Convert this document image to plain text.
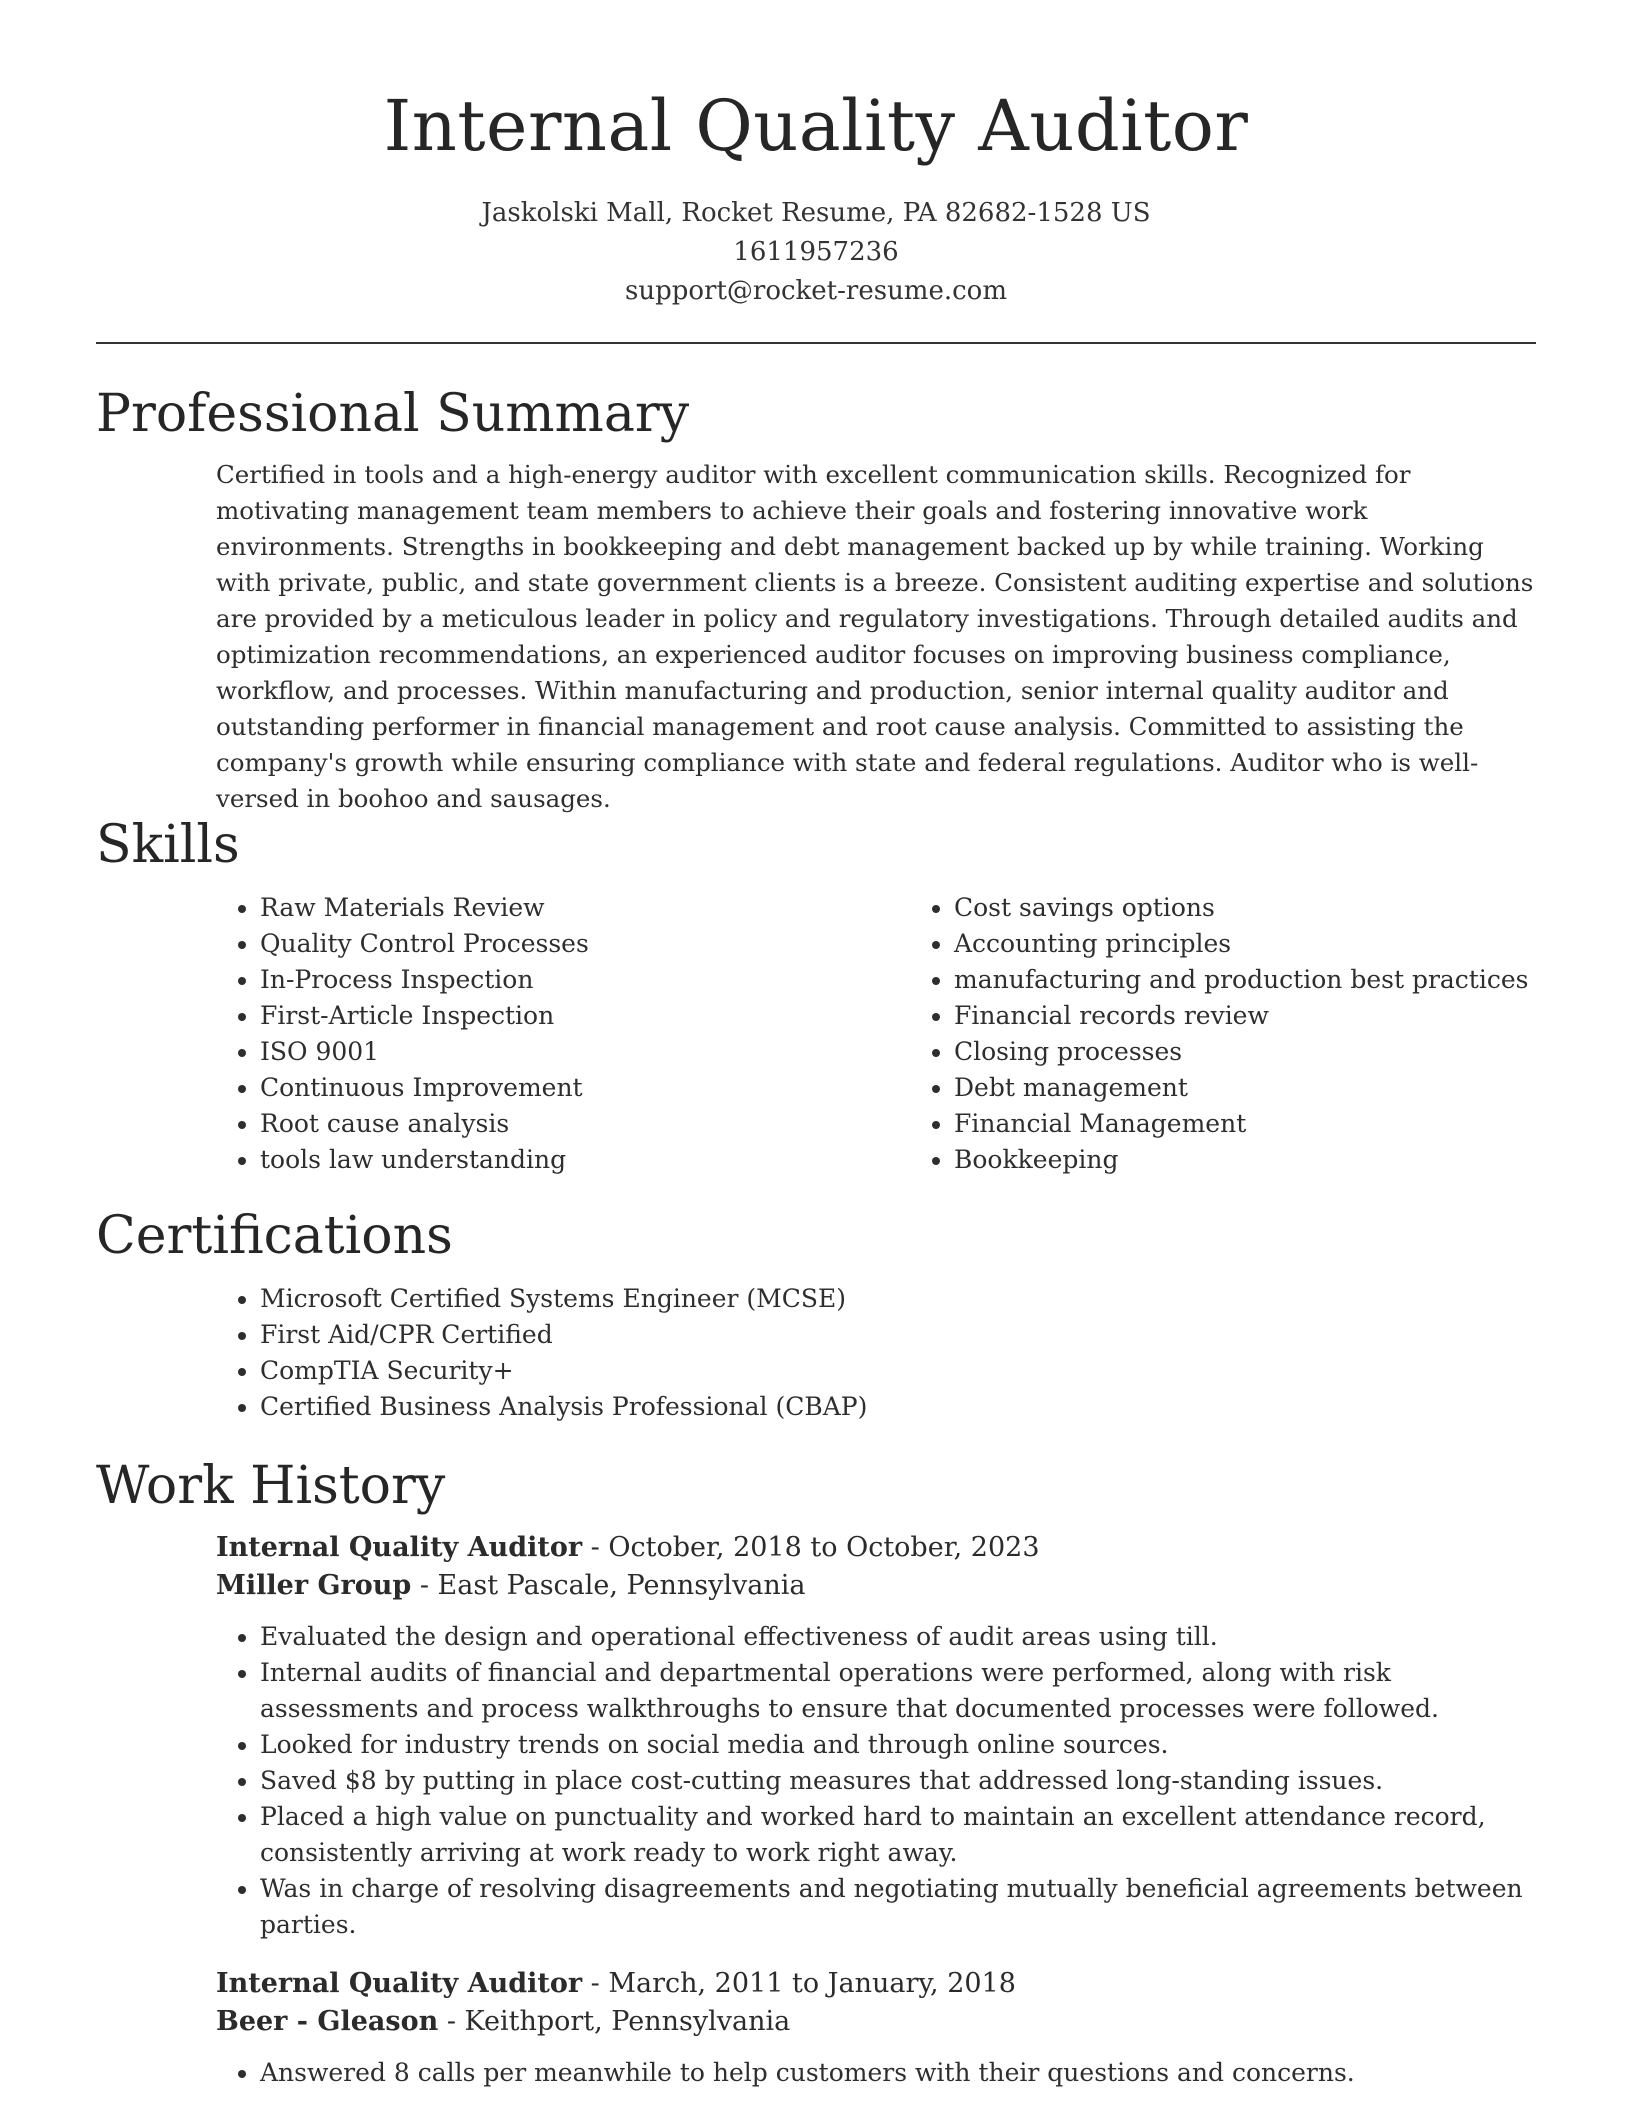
Internal Quality Auditor
Jaskolski Mall, Rocket Resume, PA 82682-1528 US
1611957236
support@rocket-resume.com
Professional Summary

Certified in tools and a high-energy auditor with excellent communication skills. Recognized for motivating management team members to achieve their goals and fostering innovative work environments. Strengths in bookkeeping and debt management backed up by while training. Working with private, public, and state government clients is a breeze. Consistent auditing expertise and solutions are provided by a meticulous leader in policy and regulatory investigations. Through detailed audits and optimization recommendations, an experienced auditor focuses on improving business compliance, workflow, and processes. Within manufacturing and production, senior internal quality auditor and outstanding performer in financial management and root cause analysis. Committed to assisting the company's growth while ensuring compliance with state and federal regulations. Auditor who is well-versed in boohoo and sausages.

Skills
• Raw Materials Review
• Quality Control Processes
• In-Process Inspection
• First-Article Inspection
• ISO 9001
• Continuous Improvement
• Root cause analysis
• tools law understanding
• Cost savings options
• Accounting principles
• manufacturing and production best practices
• Financial records review
• Closing processes
• Debt management
• Financial Management
• Bookkeeping
Certifications
• Microsoft Certified Systems Engineer (MCSE)
• First Aid/CPR Certified
• CompTIA Security+
• Certified Business Analysis Professional (CBAP)
Work History
Internal Quality Auditor - October, 2018 to October, 2023
Miller Group - East Pascale, Pennsylvania
• Evaluated the design and operational effectiveness of audit areas using till.
• Internal audits of financial and departmental operations were performed, along with risk assessments and process walkthroughs to ensure that documented processes were followed.
• Looked for industry trends on social media and through online sources.
• Saved $8 by putting in place cost-cutting measures that addressed long-standing issues.
• Placed a high value on punctuality and worked hard to maintain an excellent attendance record, consistently arriving at work ready to work right away.
• Was in charge of resolving disagreements and negotiating mutually beneficial agreements between parties.
Internal Quality Auditor - March, 2011 to January, 2018
Beer - Gleason - Keithport, Pennsylvania
• Answered 8 calls per meanwhile to help customers with their questions and concerns.
